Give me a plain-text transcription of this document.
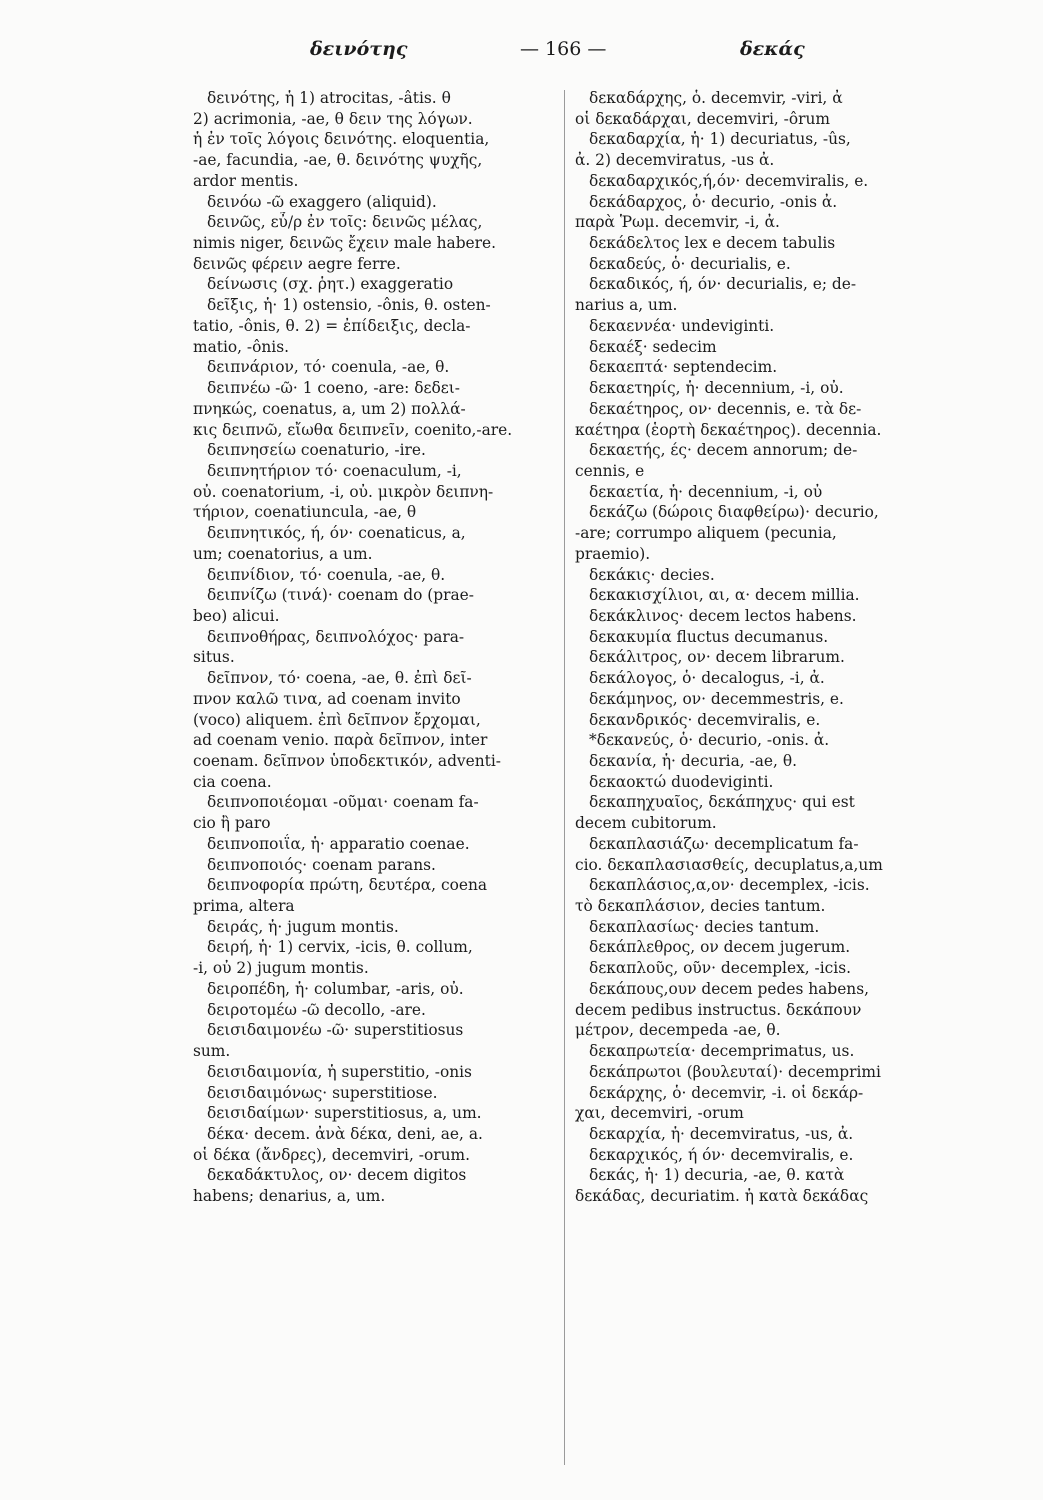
δεινότης	— 166 —	δεκάς
δεινότης, ἡ 1) atrocitas, -âtis. θ
2) acrimonia, -ae, θ δειν της λόγων.
ἡ ἐν τοῖς λόγοις δεινότης. eloquentia,
-ae, facundia, -ae, θ. δεινότης ψυχῆς,
ardor mentis.
δεινόω -ῶ exaggero (aliquid).
δεινῶς, εὖ/ρ ἐν τοῖς: δεινῶς μέλας,
nimis niger, δεινῶς ἔχειν male habere.
δεινῶς φέρειν aegre ferre.
δείνωσις (σχ. ῥητ.) exaggeratio
δεῖξις, ἡ· 1) ostensio, -ônis, θ. osten-
tatio, -ônis, θ. 2) = ἐπίδειξις, declа-
matio, -ônis.
δειπνάριον, τό· coenula, -ae, θ.
δειπνέω -ῶ· 1 coeno, -are: δεδει-
πνηκώς, coenatus, a, um 2) πολλά-
κις δειπνῶ, εἴωθα δειπνεῖν, coenito,-are.
δειπνησείω coenaturio, -ire.
δειπνητήριον τό· coenaculum, -i,
οὐ. coenatorium, -i, οὐ. μικρὸν δειπνη-
τήριον, coenatiuncula, -ae, θ
δειπνητικός, ή, όν· coenaticus, a,
um; coenatorius, a um.
δειπνίδιον, τό· coenula, -ae, θ.
δειπνίζω (τινά)· coenam do (prae-
beo) alicui.
δειπνοθήρας, δειπνολόχος· para-
situs.
δεῖπνον, τό· coena, -ae, θ. ἐπὶ δεῖ-
πνον καλῶ τινα, ad coenam invito
(voco) aliquem. ἐπὶ δεῖπνον ἔρχομαι,
ad coenam venio. παρὰ δεῖπνον, inter
coenam. δεῖπνον ὑποδεκτικόν, adventi-
cia coena.
δειπνοποιέομαι -οῦμαι· coenam fa-
cio ἢ paro
δειπνοποιΐα, ἡ· apparatio coenae.
δειπνοποιός· coenam parans.
δειπνοφορία πρώτη, δευτέρα, coena
prima, altera
δειράς, ἡ· jugum montis.
δειρή, ἡ· 1) cervix, -icis, θ. collum,
-i, οὐ 2) jugum montis.
δειροπέδη, ἡ· columbar, -aris, οὐ.
δειροτομέω -ῶ decollo, -are.
δεισιδαιμονέω -ῶ· superstitiosus
sum.
δεισιδαιμονία, ἡ superstitio, -onis
δεισιδαιμόνως· superstitiose.
δεισιδαίμων· superstitiosus, a, um.
δέκα· decem. ἀνὰ δέκα, deni, ae, a.
οἱ δέκα (ἄνδρες), decemviri, -orum.
δεκαδάκτυλος, ον· decem digitos
habens; denarius, a, um.
δεκαδάρχης, ὁ. decemvir, -viri, ἀ
οἱ δεκαδάρχαι, decemviri, -ôrum
δεκαδαρχία, ἡ· 1) decuriatus, -ûs,
ἀ. 2) decemviratus, -us ἀ.
δεκαδαρχικός,ή,όν· decemviralis, e.
δεκάδαρχος, ὁ· decurio, -onis ἀ.
παρὰ Ῥωμ. decemvir, -i, ἀ.
δεκάδελτος lex e decem tabulis
δεκαδεύς, ὁ· decurialis, e.
δεκαδικός, ή, όν· decurialis, e; de-
narius a, um.
δεκαεννέα· undeviginti.
δεκαέξ· sedecim
δεκαεπτά· septendecim.
δεκαετηρίς, ἡ· decennium, -i, οὐ.
δεκαέτηρος, ον· decennis, e. τὰ δε-
καέτηρα (ἑορτὴ δεκαέτηρος). decennia.
δεκαετής, ές· decem annorum; de-
cennis, e
δεκαετία, ἡ· decennium, -i, οὐ
δεκάζω (δώροις διαφθείρω)· decurio,
-are; corrumpo aliquem (pecunia,
praemio).
δεκάκις· decies.
δεκακισχίλιοι, αι, α· decem millia.
δεκάκλινος· decem lectos habens.
δεκακυμία fluctus decumanus.
δεκάλιτρος, ον· decem librarum.
δεκάλογος, ὁ· decalogus, -i, ἀ.
δεκάμηνος, ον· decemmestris, e.
δεκανδρικός· decemviralis, e.
*δεκανεύς, ὁ· decurio, -onis. ἀ.
δεκανία, ἡ· decuria, -ae, θ.
δεκαοκτώ duodeviginti.
δεκαπηχυαῖος, δεκάπηχυς· qui est
decem cubitorum.
δεκαπλασιάζω· decemplicatum fa-
cio. δεκαπλασιασθείς, decuplatus,a,um
δεκαπλάσιος,α,ον· decemplex, -icis.
τὸ δεκαπλάσιον, decies tantum.
δεκαπλασίως· decies tantum.
δεκάπλεθρος, ον decem jugerum.
δεκαπλοῦς, οῦν· decemplex, -icis.
δεκάπους,ουν decem pedes habens,
decem pedibus instructus. δεκάπουν
μέτρον, decempeda -ae, θ.
δεκαπρωτεία· decemprimatus, us.
δεκάπρωτοι (βουλευταί)· decemprimi
δεκάρχης, ὁ· decemvir, -i. οἱ δεκάρ-
χαι, decemviri, -orum
δεκαρχία, ἡ· decemviratus, -us, ἀ.
δεκαρχικός, ή όν· decemviralis, e.
δεκάς, ἡ· 1) decuria, -ae, θ. κατὰ
δεκάδας, decuriatim. ἡ κατὰ δεκάδας
